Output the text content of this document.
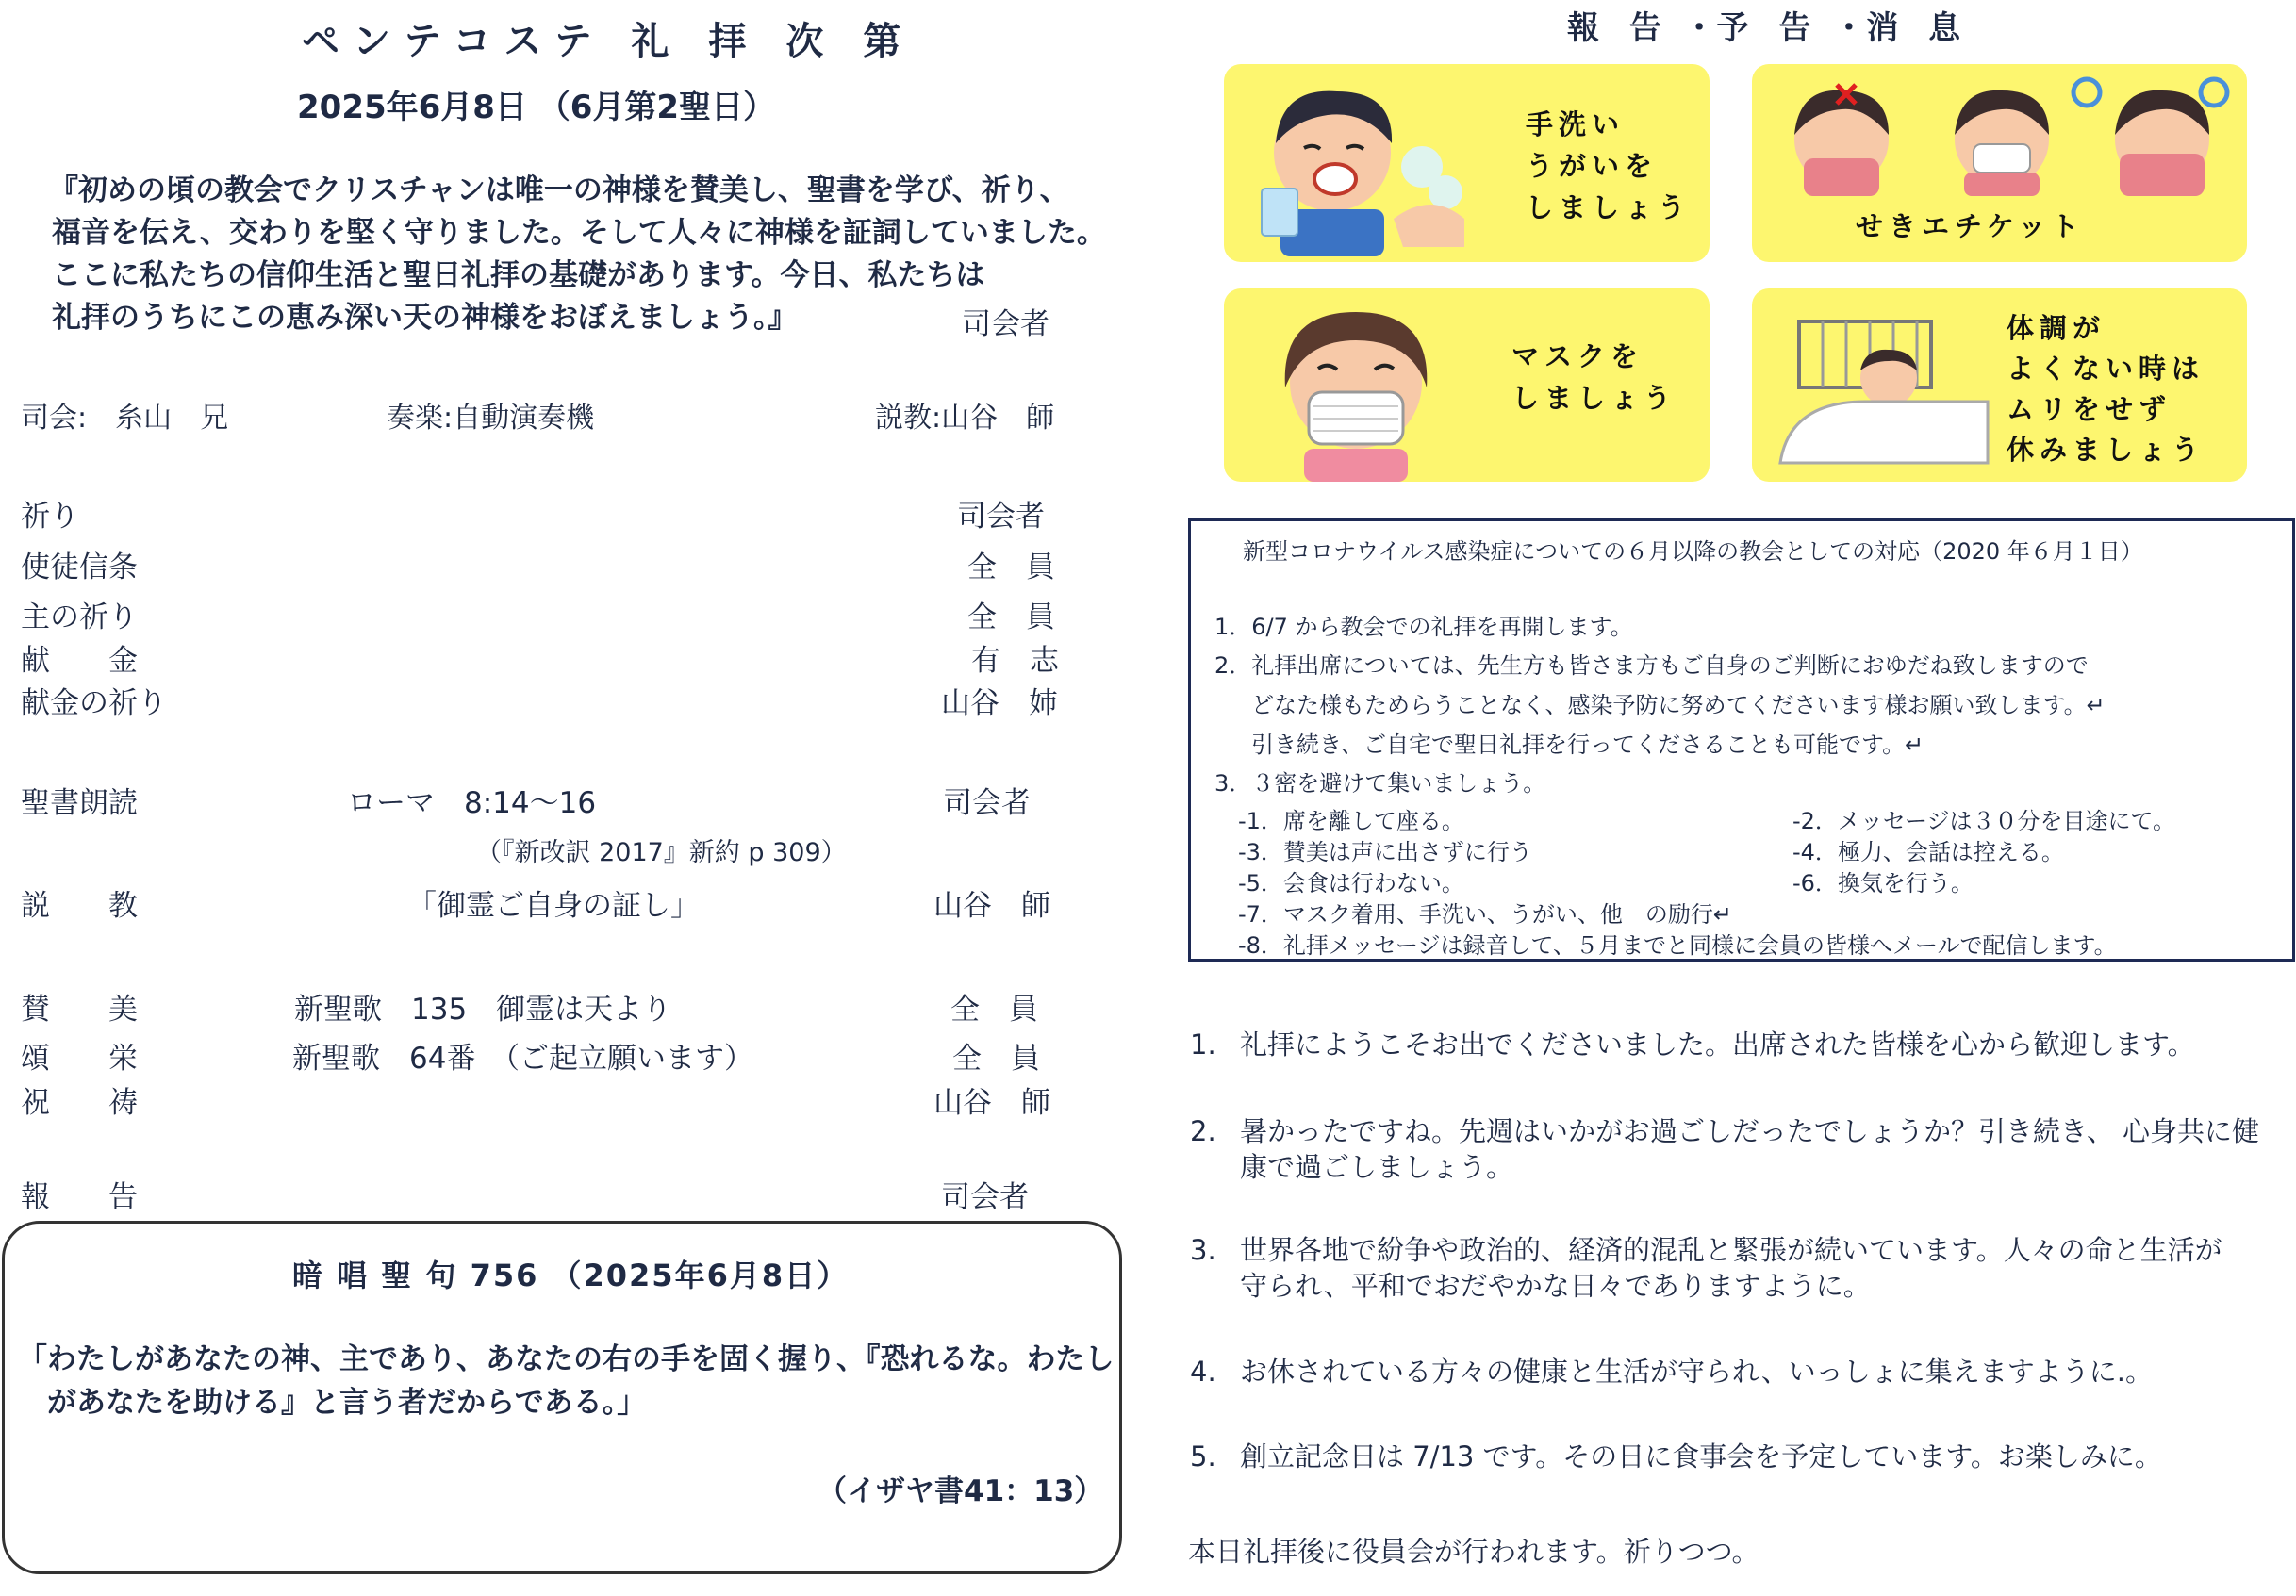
ペンテコステ 礼 拝 次 第
2025年6月8日 （6月第2聖日）
『初めの頃の教会でクリスチャンは唯一の神様を賛美し、聖書を学び、祈り、
福音を伝え、交わりを堅く守りました。そして人々に神様を証詞していました。
ここに私たちの信仰生活と聖日礼拝の基礎があります。今日、私たちは
礼拝のうちにこの恵み深い天の神様をおぼえましょう。』	司会者
司会:　糸山　兄	奏楽:自動演奏機	説教:山谷　師
祈り	司会者
使徒信条	全　員
主の祈り	全　員
献　　金	有　志
献金の祈り	山谷　姉
聖書朗読	ローマ　8:14〜16	司会者
（『新改訳 2017』新約 p 309）
説　　教	「御霊ご自身の証し」	山谷　師
賛　　美	新聖歌　135　御霊は天より	全　員
頌　　栄	新聖歌　64番　（ご起立願います）	全　員
祝　　祷	山谷　師
報　　告	司会者
暗 唱 聖 句 756 （2025年6月8日）
「わたしがあなたの神、主であり、あなたの右の手を固く握り、『恐れるな。わたし
　があなたを助ける』と言う者だからである。」
（イザヤ書41：13）
報 告 ･予 告 ･消 息
手洗い
うがいを
しましょう
せきエチケット
マスクを
しましょう
体調が
よくない時は
ムリをせず
休みましょう
新型コロナウイルス感染症についての６月以降の教会としての対応（2020 年６月１日）
1．6/7 から教会での礼拝を再開します。
2．礼拝出席については、先生方も皆さま方もご自身のご判断におゆだね致しますので
　どなた様もためらうことなく、感染予防に努めてくださいます様お願い致します。↵
　引き続き、ご自宅で聖日礼拝を行ってくださることも可能です。↵
3．３密を避けて集いましょう。
-1．席を離して座る。	-2．メッセージは３０分を目途にて。
-3．賛美は声に出さずに行う	-4．極力、会話は控える。
-5．会食は行わない。	-6．換気を行う。
-7．マスク着用、手洗い、うがい、他　の励行↵
-8．礼拝メッセージは録音して、５月までと同様に会員の皆様へメールで配信します。
1. 礼拝にようこそお出でくださいました。出席された皆様を心から歓迎します。
2. 暑かったですね。先週はいかがお過ごしだったでしょうか？引き続き、 心身共に健
康で過ごしましょう。
3. 世界各地で紛争や政治的、経済的混乱と緊張が続いています。人々の命と生活が
守られ、平和でおだやかな日々でありますように。
4. お休されている方々の健康と生活が守られ、いっしょに集えますように.。
5. 創立記念日は 7/13 です。その日に食事会を予定しています。お楽しみに。
本日礼拝後に役員会が行われます。祈りつつ。
